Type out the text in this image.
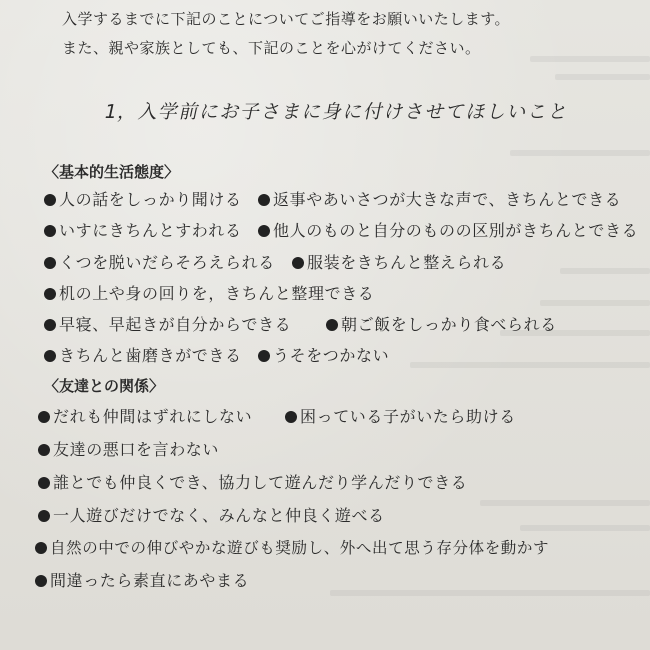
入学するまでに下記のことについてご指導をお願いいたします。
また、親や家族としても、下記のことを心がけてください。
1，入学前にお子さまに身に付けさせてほしいこと
〈基本的生活態度〉
人の話をしっかり聞ける	返事やあいさつが大きな声で、きちんとできる
いすにきちんとすわれる	他人のものと自分のものの区別がきちんとできる
くつを脱いだらそろえられる	服装をきちんと整えられる
机の上や身の回りを，きちんと整理できる
早寝、早起きが自分からできる	朝ご飯をしっかり食べられる
きちんと歯磨きができる	うそをつかない
〈友達との関係〉
だれも仲間はずれにしない	困っている子がいたら助ける
友達の悪口を言わない
誰とでも仲良くでき、協力して遊んだり学んだりできる
一人遊びだけでなく、みんなと仲良く遊べる
自然の中での伸びやかな遊びも奨励し、外へ出て思う存分体を動かす
間違ったら素直にあやまる
